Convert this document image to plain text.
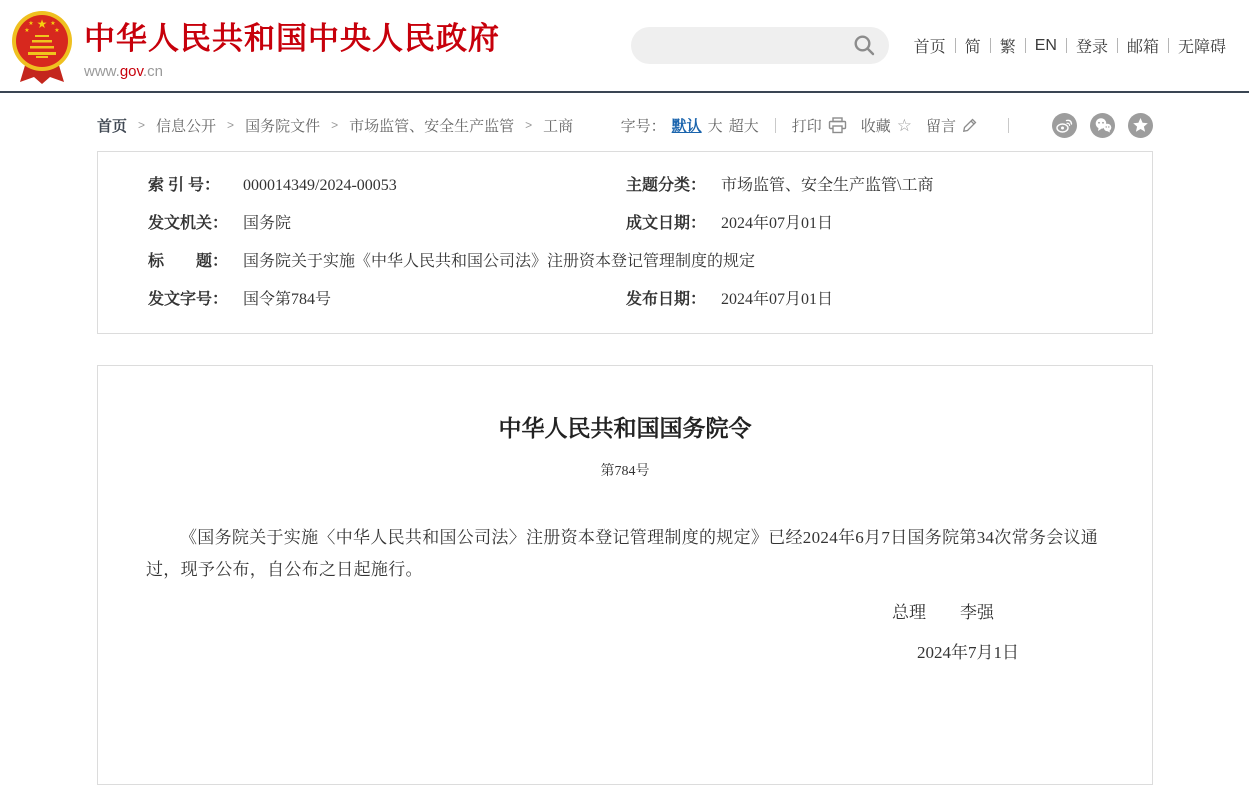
★
★	★
★	★ 中华人民共和国中央人民政府
www.gov.cn
首页	简	繁	EN	登录	邮箱	无障碍
首页 > 信息公开 > 国务院文件 > 市场监管、安全生产监管 > 工商	字号： 默认 大 超大 打印	收藏 ☆ 留言
索 引 号：	000014349/2024-00053	主题分类： 市场监管、安全生产监管\工商
发文机关： 国务院	成文日期： 2024年07月01日
标　　题： 国务院关于实施《中华人民共和国公司法》注册资本登记管理制度的规定
发文字号： 国令第784号	发布日期： 2024年07月01日
中华人民共和国国务院令
第784号

《国务院关于实施〈中华人民共和国公司法〉注册资本登记管理制度的规定》已经2024年6月7日国务院第34次常务会议通过，现予公布，自公布之日起施行。

总理 李强
2024年7月1日
